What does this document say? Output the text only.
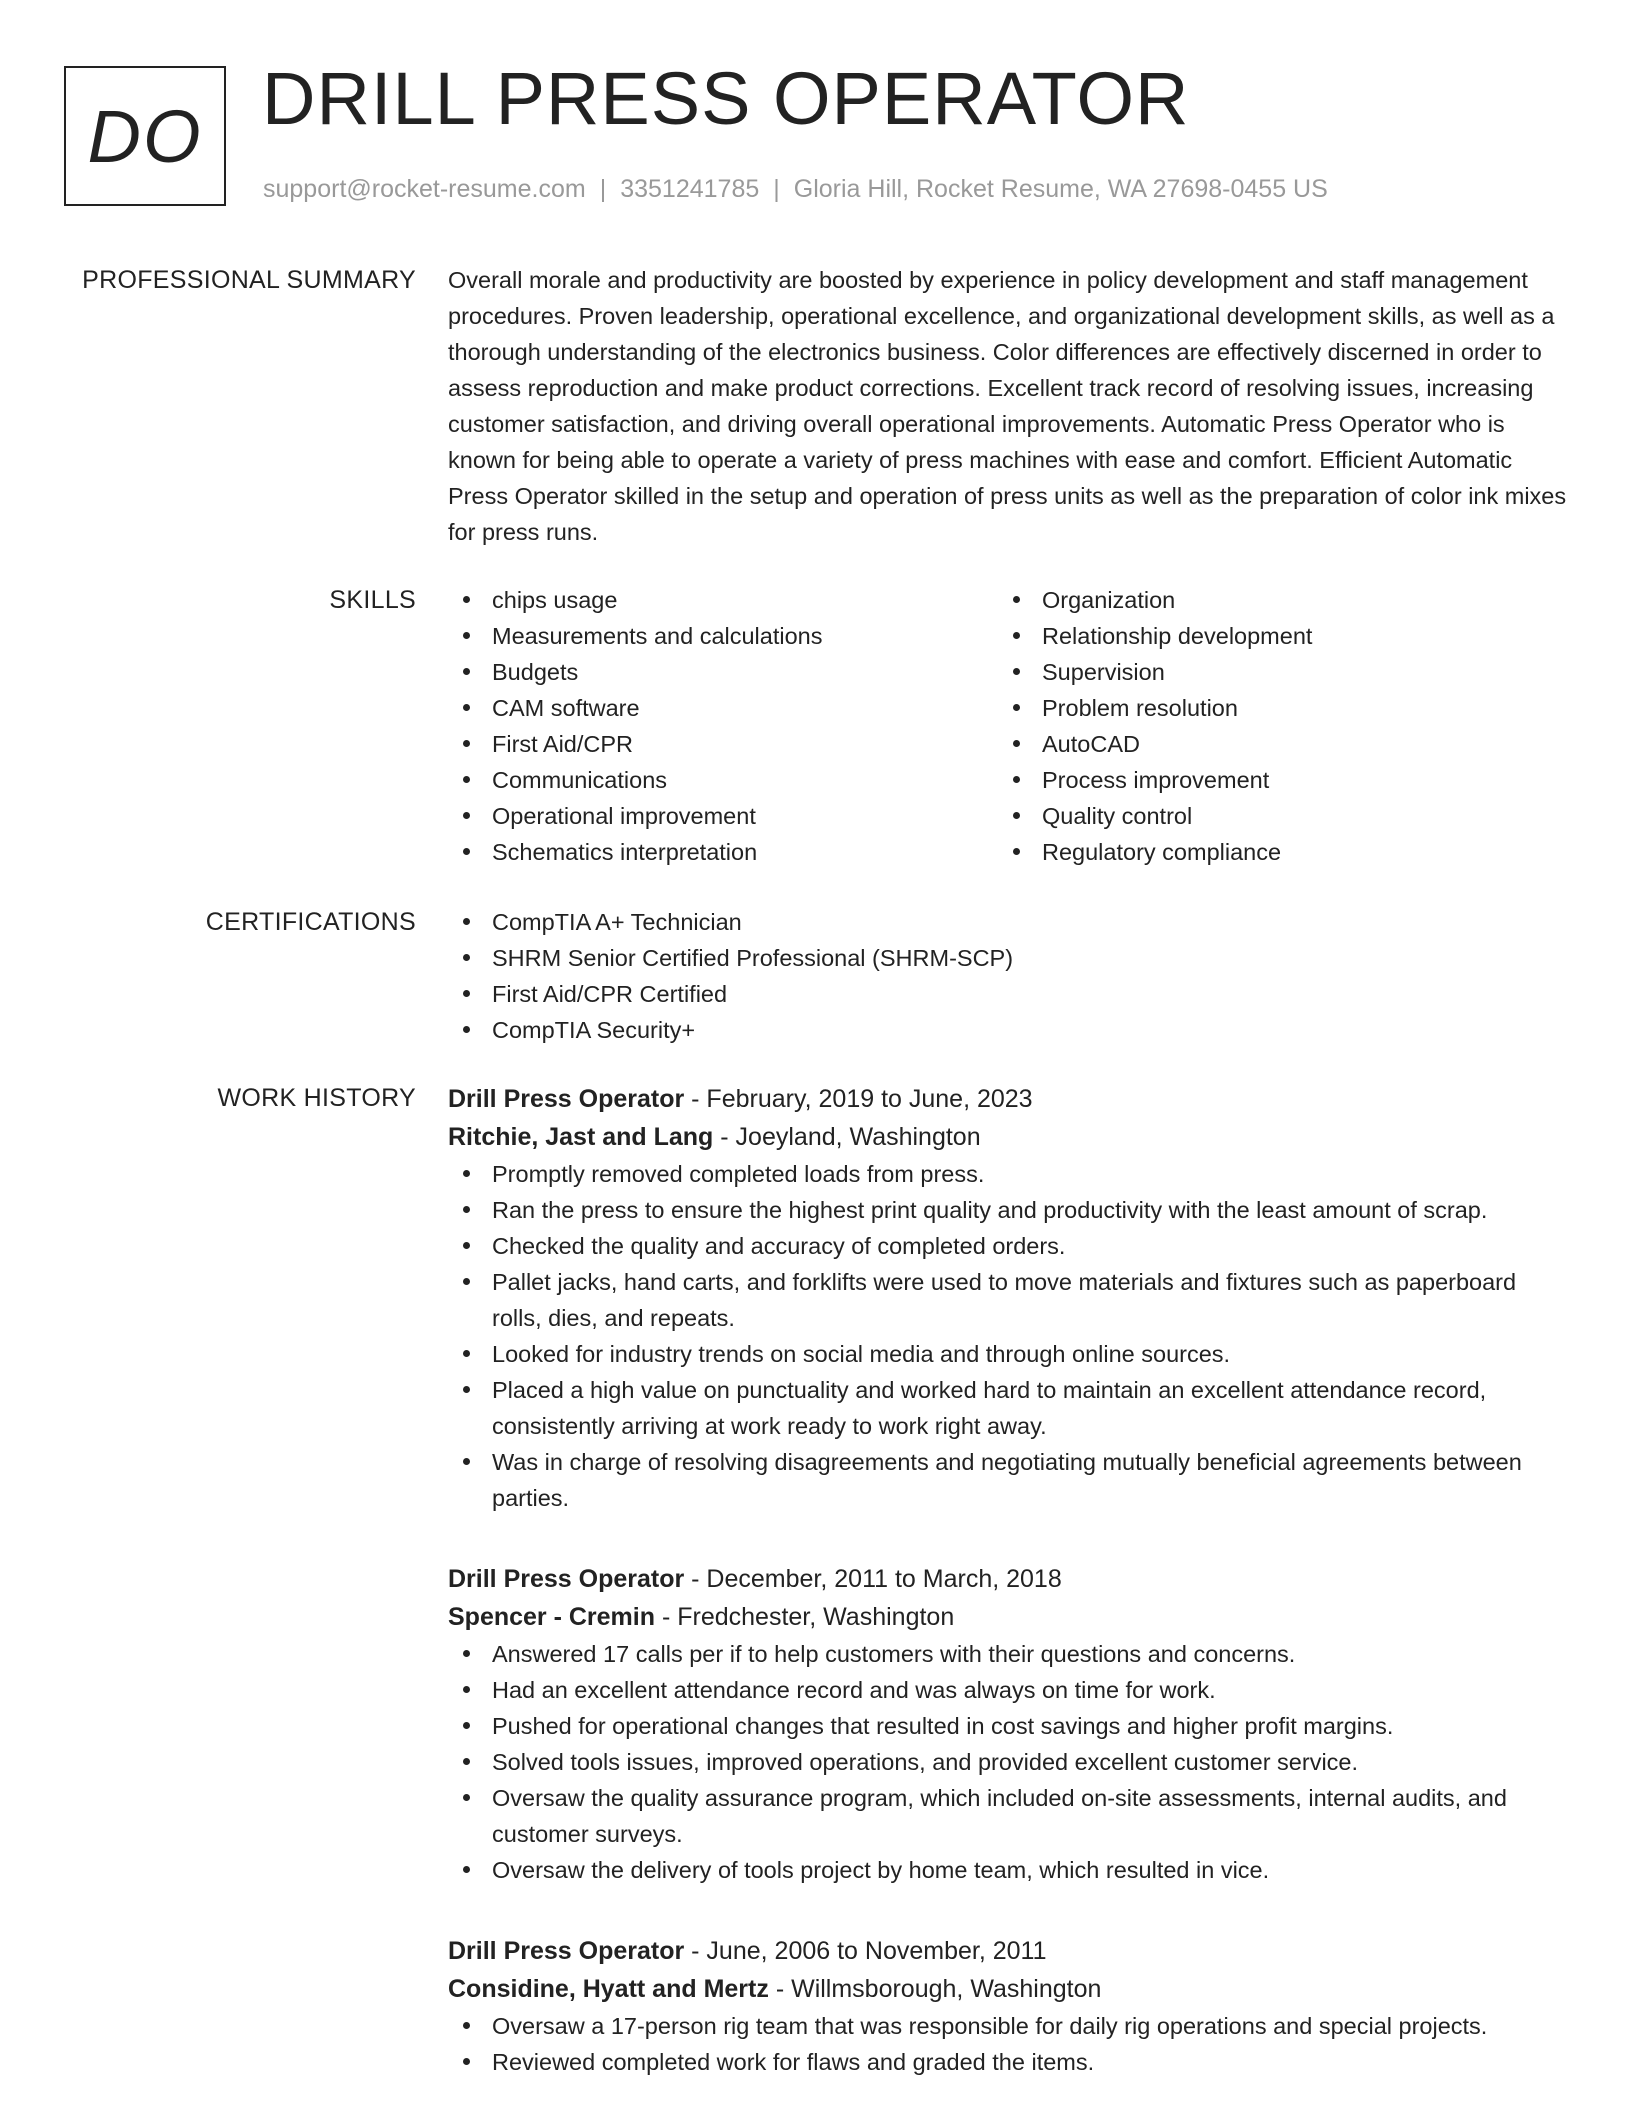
DO DRILL PRESS OPERATOR
support@rocket-resume.com | 3351241785 | Gloria Hill, Rocket Resume, WA 27698-0455 US
PROFESSIONAL SUMMARY Overall morale and productivity are boosted by experience in policy development and staff management procedures. Proven leadership, operational excellence, and organizational development skills, as well as a thorough understanding of the electronics business. Color differences are effectively discerned in order to assess reproduction and make product corrections. Excellent track record of resolving issues, increasing customer satisfaction, and driving overall operational improvements. Automatic Press Operator who is known for being able to operate a variety of press machines with ease and comfort. Efficient Automatic Press Operator skilled in the setup and operation of press units as well as the preparation of color ink mixes for press runs.

SKILLS	chips usage
Measurements and calculations
Budgets
CAM software
First Aid/CPR
Communications
Operational improvement
Schematics interpretation
Organization
Relationship development
Supervision
Problem resolution
AutoCAD
Process improvement
Quality control
Regulatory compliance
CERTIFICATIONS	CompTIA A+ Technician
SHRM Senior Certified Professional (SHRM-SCP)
First Aid/CPR Certified
CompTIA Security+
WORK HISTORY Drill Press Operator - February, 2019 to June, 2023
Ritchie, Jast and Lang - Joeyland, Washington
Promptly removed completed loads from press.
Ran the press to ensure the highest print quality and productivity with the least amount of scrap.
Checked the quality and accuracy of completed orders.
Pallet jacks, hand carts, and forklifts were used to move materials and fixtures such as paperboard rolls, dies, and repeats.
Looked for industry trends on social media and through online sources.
Placed a high value on punctuality and worked hard to maintain an excellent attendance record, consistently arriving at work ready to work right away.
Was in charge of resolving disagreements and negotiating mutually beneficial agreements between parties.
Drill Press Operator - December, 2011 to March, 2018
Spencer - Cremin - Fredchester, Washington
Answered 17 calls per if to help customers with their questions and concerns.
Had an excellent attendance record and was always on time for work.
Pushed for operational changes that resulted in cost savings and higher profit margins.
Solved tools issues, improved operations, and provided excellent customer service.
Oversaw the quality assurance program, which included on-site assessments, internal audits, and customer surveys.
Oversaw the delivery of tools project by home team, which resulted in vice.
Drill Press Operator - June, 2006 to November, 2011
Considine, Hyatt and Mertz - Willmsborough, Washington
Oversaw a 17-person rig team that was responsible for daily rig operations and special projects.
Reviewed completed work for flaws and graded the items.
